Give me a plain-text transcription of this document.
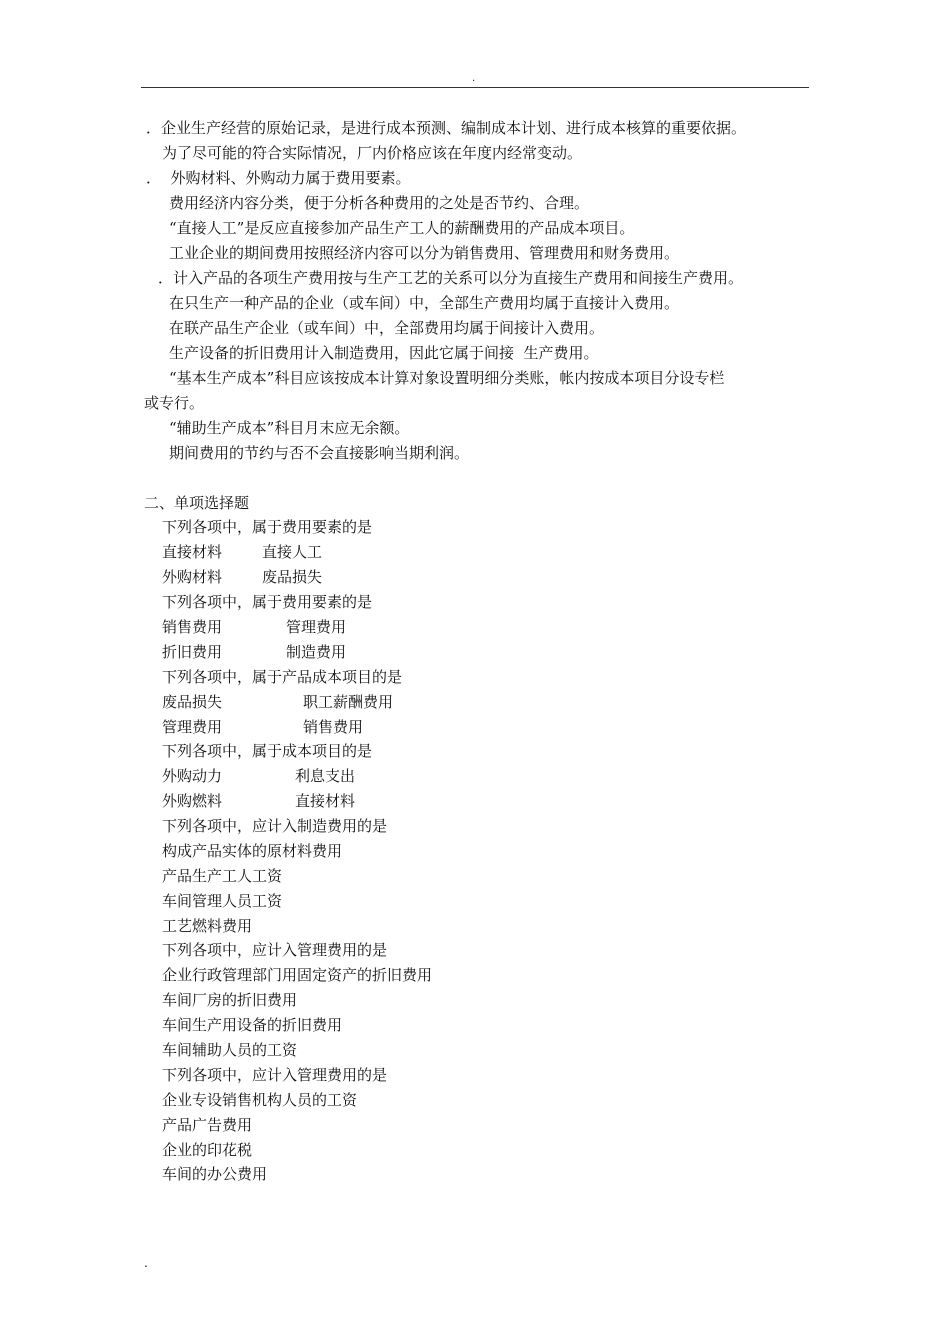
.
．企业生产经营的原始记录，是进行成本预测、编制成本计划、进行成本核算的重要依据。
为了尽可能的符合实际情况，厂内价格应该在年度内经常变动。
．  外购材料、外购动力属于费用要素。
费用经济内容分类，便于分析各种费用的之处是否节约、合理。
“直接人工”是反应直接参加产品生产工人的薪酬费用的产品成本项目。
工业企业的期间费用按照经济内容可以分为销售费用、管理费用和财务费用。
．计入产品的各项生产费用按与生产工艺的关系可以分为直接生产费用和间接生产费用。
在只生产一种产品的企业（或车间）中，全部生产费用均属于直接计入费用。
在联产品生产企业（或车间）中，全部费用均属于间接计入费用。
生产设备的折旧费用计入制造费用，因此它属于间接  生产费用。
“基本生产成本”科目应该按成本计算对象设置明细分类账，帐内按成本项目分设专栏
或专行。
“辅助生产成本”科目月末应无余额。
期间费用的节约与否不会直接影响当期利润。
二、单项选择题
下列各项中，属于费用要素的是
直接材料	直接人工
外购材料	废品损失
下列各项中，属于费用要素的是
销售费用	管理费用
折旧费用	制造费用
下列各项中，属于产品成本项目的是
废品损失	职工薪酬费用
管理费用	销售费用
下列各项中，属于成本项目的是
外购动力	利息支出
外购燃料	直接材料
下列各项中，应计入制造费用的是
构成产品实体的原材料费用
产品生产工人工资
车间管理人员工资
工艺燃料费用
下列各项中，应计入管理费用的是
企业行政管理部门用固定资产的折旧费用
车间厂房的折旧费用
车间生产用设备的折旧费用
车间辅助人员的工资
下列各项中，应计入管理费用的是
企业专设销售机构人员的工资
产品广告费用
企业的印花税
车间的办公费用
.
